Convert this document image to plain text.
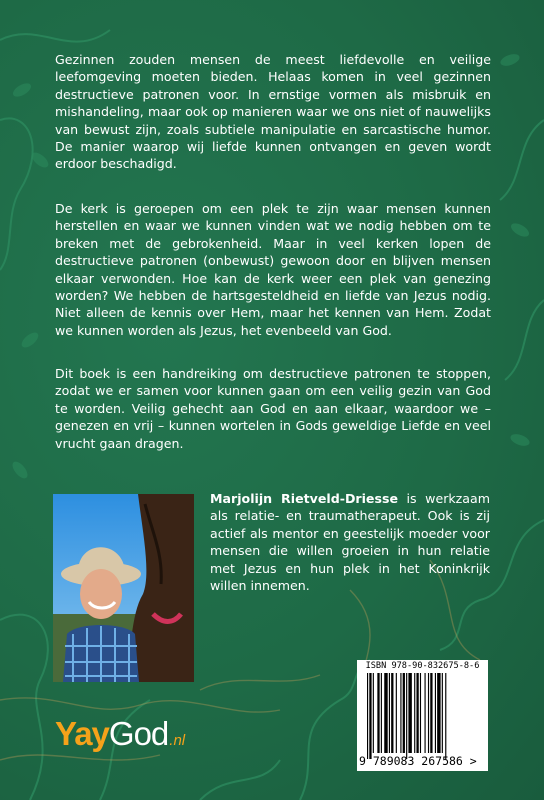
Gezinnen zouden mensen de meest liefdevolle en veilige leefomgeving moeten bieden. Helaas komen in veel gezinnen destructieve patronen voor. In ernstige vormen als misbruik en mishandeling, maar ook op manieren waar we ons niet of nauwelijks van bewust zijn, zoals subtiele manipulatie en sarcastische humor. De manier waarop wij liefde kunnen ontvangen en geven wordt erdoor beschadigd.

De kerk is geroepen om een plek te zijn waar mensen kunnen herstellen en waar we kunnen vinden wat we nodig hebben om te breken met de gebrokenheid. Maar in veel kerken lopen de destructieve patronen (onbewust) gewoon door en blijven mensen elkaar verwonden. Hoe kan de kerk weer een plek van genezing worden? We hebben de hartsgesteldheid en liefde van Jezus nodig. Niet alleen de kennis over Hem, maar het kennen van Hem. Zodat we kunnen worden als Jezus, het evenbeeld van God.

Dit boek is een handreiking om destructieve patronen te stoppen, zodat we er samen voor kunnen gaan om een veilig gezin van God te worden. Veilig gehecht aan God en aan elkaar, waardoor we – genezen en vrij – kunnen wortelen in Gods geweldige Liefde en veel vrucht gaan dragen.

Marjolijn Rietveld-Driesse is werkzaam als relatie- en traumatherapeut. Ook is zij actief als mentor en geestelijk moeder voor mensen die willen groeien in hun relatie met Jezus en hun plek in het Koninkrijk willen innemen.

ISBN 978-90-832675-8-6
9 789083 267586 >
YayGod.nl
